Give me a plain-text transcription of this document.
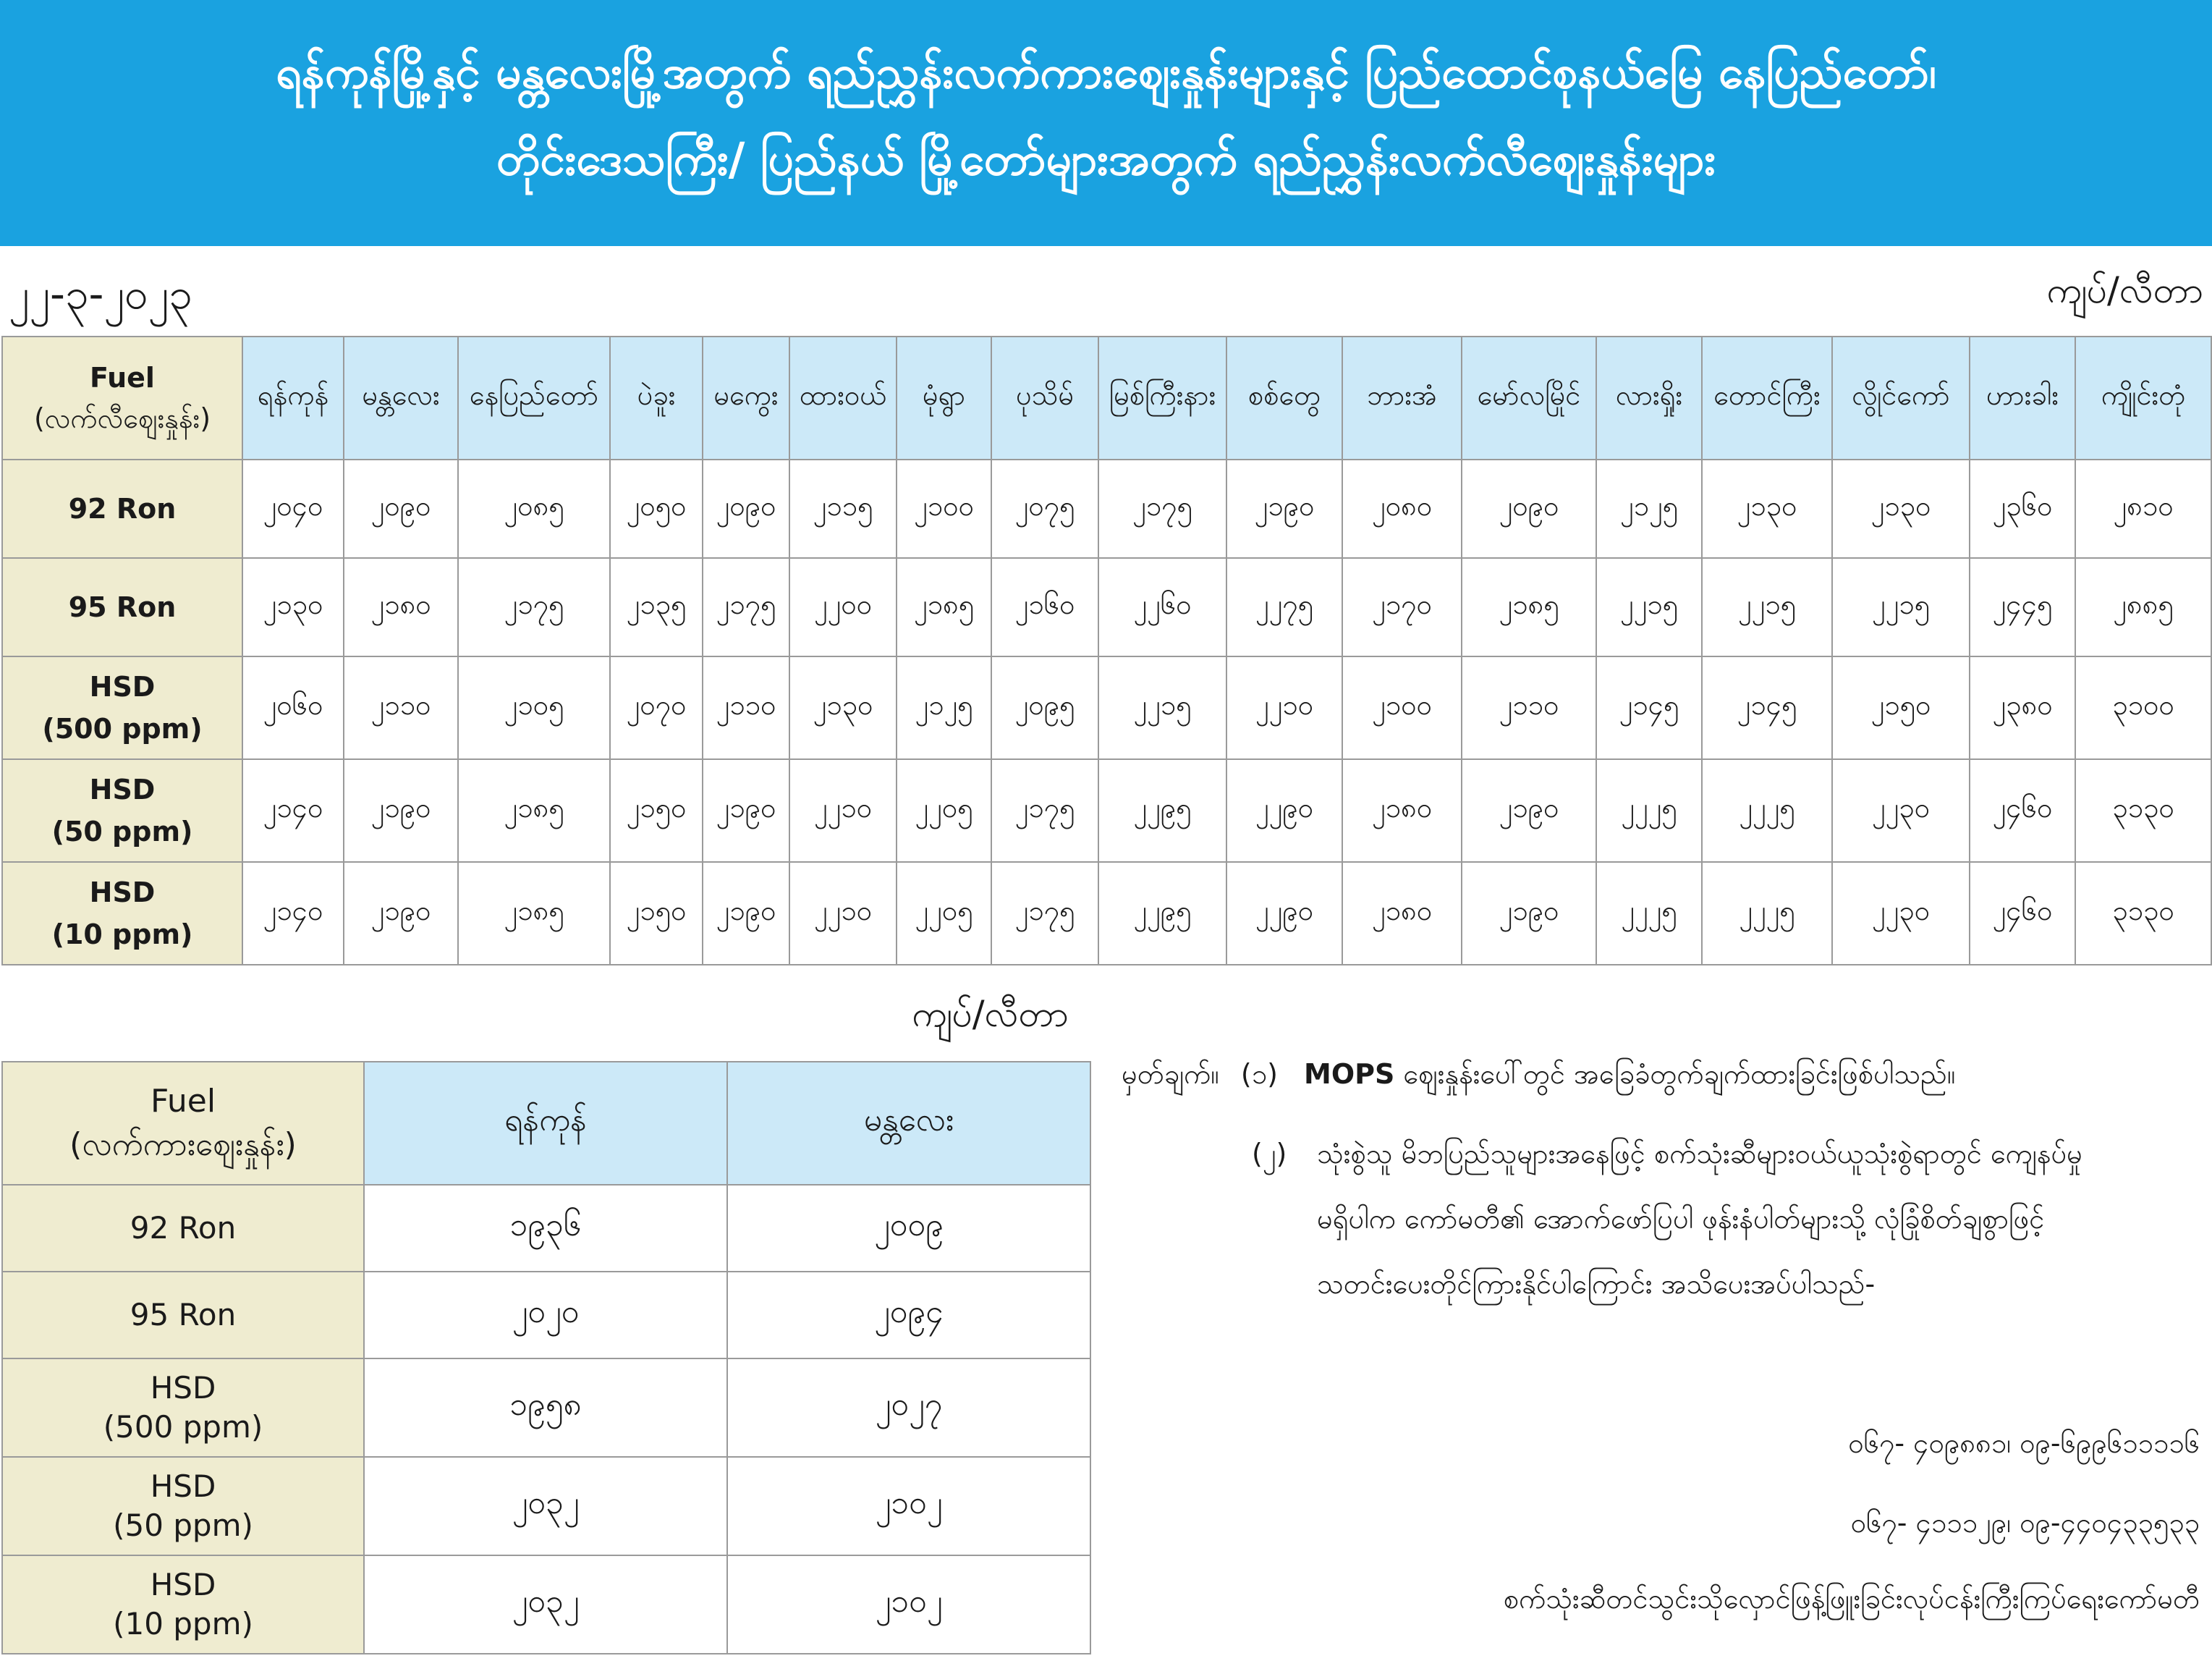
ရန်ကုန်မြို့နှင့် မန္တလေးမြို့အတွက် ရည်ညွှန်းလက်ကားဈေးနှုန်းများနှင့် ပြည်ထောင်စုနယ်မြေ နေပြည်တော်၊
တိုင်းဒေသကြီး/ ပြည်နယ် မြို့တော်များအတွက် ရည်ညွှန်းလက်လီဈေးနှုန်းများ
၂၂-၃-၂၀၂၃	ကျပ်/လီတာ
Fuel
(လက်လီဈေးနှုန်း)	ရန်ကုန်	မန္တလေး	နေပြည်တော်	ပဲခူး	မကွေး	ထားဝယ်	မုံရွာ	ပုသိမ်	မြစ်ကြီးနား	စစ်တွေ	ဘားအံ	မော်လမြိုင်	လားရှိုး	တောင်ကြီး	လွိုင်ကော်	ဟားခါး	ကျိုင်းတုံ

92 Ron	၂၀၄၀	၂၀၉၀	၂၀၈၅	၂၀၅၀	၂၀၉၀	၂၁၁၅	၂၁၀၀	၂၀၇၅	၂၁၇၅	၂၁၉၀	၂၀၈၀	၂၀၉၀	၂၁၂၅	၂၁၃၀	၂၁၃၀	၂၃၆၀	၂၈၁၀

95 Ron	၂၁၃၀	၂၁၈၀	၂၁၇၅	၂၁၃၅	၂၁၇၅	၂၂၀၀	၂၁၈၅	၂၁၆၀	၂၂၆၀	၂၂၇၅	၂၁၇၀	၂၁၈၅	၂၂၁၅	၂၂၁၅	၂၂၁၅	၂၄၄၅	၂၈၈၅

HSD
(500 ppm)	၂၀၆၀	၂၁၁၀	၂၁၀၅	၂၀၇၀	၂၁၁၀	၂၁၃၀	၂၁၂၅	၂၀၉၅	၂၂၁၅	၂၂၁၀	၂၁၀၀	၂၁၁၀	၂၁၄၅	၂၁၄၅	၂၁၅၀	၂၃၈၀	၃၁၀၀

HSD
(50 ppm)	၂၁၄၀	၂၁၉၀	၂၁၈၅	၂၁၅၀	၂၁၉၀	၂၂၁၀	၂၂၀၅	၂၁၇၅	၂၂၉၅	၂၂၉၀	၂၁၈၀	၂၁၉၀	၂၂၂၅	၂၂၂၅	၂၂၃၀	၂၄၆၀	၃၁၃၀

HSD
(10 ppm)	၂၁၄၀	၂၁၉၀	၂၁၈၅	၂၁၅၀	၂၁၉၀	၂၂၁၀	၂၂၀၅	၂၁၇၅	၂၂၉၅	၂၂၉၀	၂၁၈၀	၂၁၉၀	၂၂၂၅	၂၂၂၅	၂၂၃၀	၂၄၆၀	၃၁၃၀
ကျပ်/လီတာ
Fuel
(လက်ကားဈေးနှုန်း)	ရန်ကုန်	မန္တလေး

92 Ron	၁၉၃၆	၂၀၀၉

95 Ron	၂၀၂၀	၂၀၉၄

HSD
(500 ppm)	၁၉၅၈	၂၀၂၇

HSD
(50 ppm)	၂၀၃၂	၂၁၀၂

HSD
(10 ppm)	၂၀၃၂	၂၁၀၂
မှတ်ချက်။ (၁) MOPS ဈေးနှုန်းပေါ်တွင် အခြေခံတွက်ချက်ထားခြင်းဖြစ်ပါသည်။
(၂) သုံးစွဲသူ မိဘပြည်သူများအနေဖြင့် စက်သုံးဆီများဝယ်ယူသုံးစွဲရာတွင် ကျေနပ်မှု
မရှိပါက ကော်မတီ၏ အောက်ဖော်ပြပါ ဖုန်းနံပါတ်များသို့ လုံခြုံစိတ်ချစွာဖြင့်
သတင်းပေးတိုင်ကြားနိုင်ပါကြောင်း အသိပေးအပ်ပါသည်-
၀၆၇- ၄၀၉၈၈၁၊ ၀၉-၆၉၉၆၁၁၁၁၆
၀၆၇- ၄၁၁၁၂၉၊ ၀၉-၄၄၀၄၃၃၅၃၃
စက်သုံးဆီတင်သွင်းသိုလှောင်ဖြန့်ဖြူးခြင်းလုပ်ငန်းကြီးကြပ်ရေးကော်မတီ
